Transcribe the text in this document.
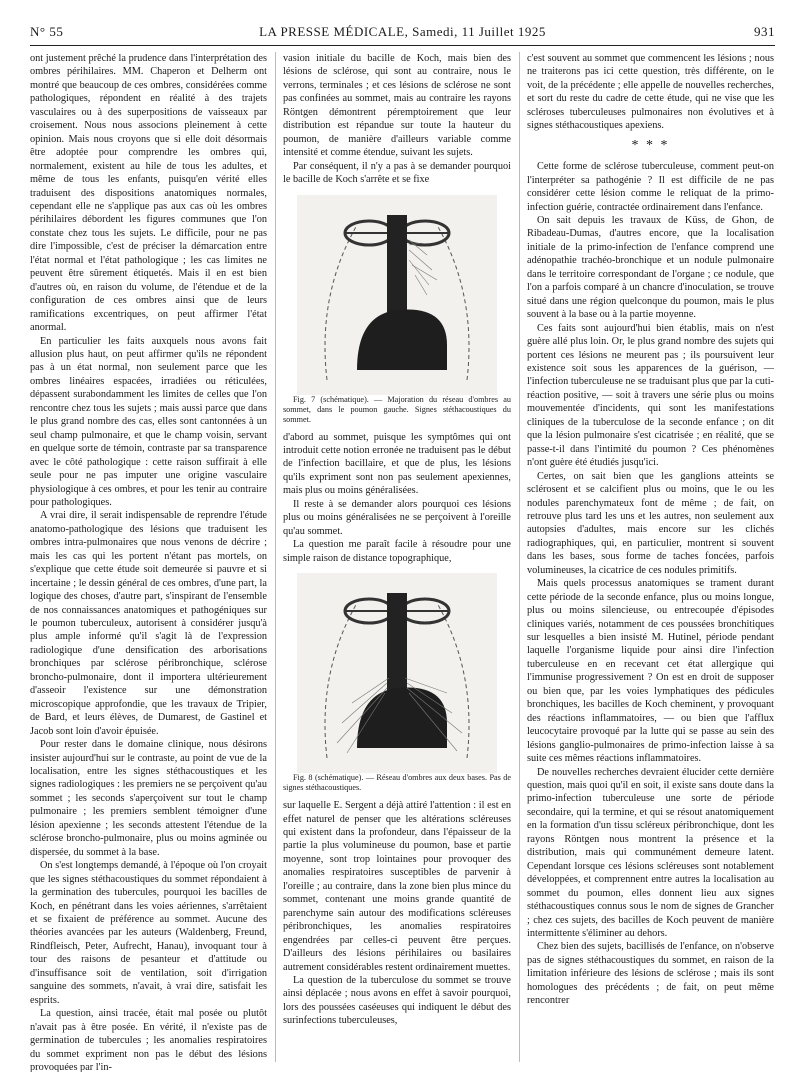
N° 55	LA PRESSE MÉDICALE, Samedi, 11 Juillet 1925	931

ont justement prêché la prudence dans l'interprétation des ombres périhilaires. MM. Chaperon et Delherm ont montré que beaucoup de ces ombres, considérées comme pathologiques, répondent en réalité à des trajets vasculaires ou à des superpositions de vaisseaux par croisement. Nous nous associons pleinement à cette opinion. Mais nous croyons que si elle doit désormais être adoptée pour comprendre les ombres qui, normalement, existent au hile de tous les adultes, et même de tous les enfants, puisqu'en vérité elles traduisent des dispositions anatomiques normales, cependant elle ne s'applique pas aux cas où les ombres périhilaires débordent les figures communes que l'on constate chez tous les sujets. Le difficile, pour ne pas dire l'impossible, c'est de préciser la démarcation entre l'état normal et l'état pathologique ; les cas limites ne peuvent être sûrement étiquetés. Mais il en est bien d'autres où, en raison du volume, de l'étendue et de la configuration de ces ombres ainsi que de leurs ramifications excentriques, on peut affirmer l'état anormal.

En particulier les faits auxquels nous avons fait allusion plus haut, on peut affirmer qu'ils ne répondent pas à un état normal, non seulement parce que les ombres linéaires espacées, irradiées ou réticulées, dépassent surabondamment les limites de celles que l'on rencontre chez tous les sujets ; mais aussi parce que dans le plus grand nombre des cas, elles sont cantonnées à un seul champ pulmonaire, et que le champ voisin, servant en quelque sorte de témoin, contraste par sa transparence avec le côté pathologique : cette raison suffirait à elle seule pour ne pas imputer une origine vasculaire physiologique à ces ombres, et pour les tenir au contraire pour pathologiques.

A vrai dire, il serait indispensable de reprendre l'étude anatomo-pathologique des lésions que traduisent les ombres intra-pulmonaires que nous venons de décrire ; mais les cas qui les portent n'étant pas mortels, on s'explique que cette étude soit demeurée si pauvre et si incertaine ; le dessin général de ces ombres, d'une part, la logique des choses, d'autre part, s'inspirant de l'ensemble de nos connaissances anatomiques et pathogéniques sur le poumon tuberculeux, autorisent à considérer jusqu'à plus ample informé qu'il s'agit là de l'expression radiologique d'une densification des arborisations bronchiques par sclérose péribronchique, sclérose broncho-pulmonaire, dont il importera ultérieurement d'asseoir l'existence sur une démonstration microscopique approfondie, que les travaux de Tripier, de Bard, et leurs élèves, de Dumarest, de Gastinel et Jacob sont loin d'avoir épuisée.

Pour rester dans le domaine clinique, nous désirons insister aujourd'hui sur le contraste, au point de vue de la localisation, entre les signes stéthacoustiques et les signes radiologiques : les premiers ne se perçoivent qu'au sommet ; les seconds s'aperçoivent sur tout le champ pulmonaire ; les premiers semblent témoigner d'une lésion apexienne ; les seconds attestent l'étendue de la sclérose broncho-pulmonaire, plus ou moins agminée ou dispersée, du sommet à la base.

On s'est longtemps demandé, à l'époque où l'on croyait que les signes stéthacoustiques du sommet répondaient à la germination des tubercules, pourquoi les bacilles de Koch, en pénétrant dans les voies aériennes, s'arrêtaient et se fixaient de préférence au sommet. Aucune des théories avancées par les auteurs (Waldenberg, Freund, Rindfleisch, Peter, Aufrecht, Hanau), invoquant tour à tour des raisons de pesanteur et d'attitude ou d'insuffisance soit de ventilation, soit d'irrigation sanguine des sommets, n'avait, à vrai dire, satisfait les esprits.

La question, ainsi tracée, était mal posée ou plutôt n'avait pas à être posée. En vérité, il n'existe pas de germination de tubercules ; les anomalies respiratoires du sommet expriment non pas le début des lésions provoquées par l'in-

vasion initiale du bacille de Koch, mais bien des lésions de sclérose, qui sont au contraire, nous le verrons, terminales ; et ces lésions de sclérose ne sont pas confinées au sommet, mais au contraire les rayons Röntgen démontrent péremptoirement que leur distribution est répandue sur toute la hauteur du poumon, de manière d'ailleurs variable comme intensité et comme étendue, suivant les sujets.

Par conséquent, il n'y a pas à se demander pourquoi le bacille de Koch s'arrête et se fixe

Fig. 7 (schématique). — Majoration du réseau d'ombres au sommet, dans le poumon gauche. Signes stéthacoustiques du sommet.

d'abord au sommet, puisque les symptômes qui ont introduit cette notion erronée ne traduisent pas le début de l'infection bacillaire, et que de plus, les lésions qu'ils expriment sont non pas seulement apexiennes, mais plus ou moins généralisées.

Il reste à se demander alors pourquoi ces lésions plus ou moins généralisées ne se perçoivent à l'oreille qu'au sommet.

La question me paraît facile à résoudre pour une simple raison de distance topographique,

Fig. 8 (schématique). — Réseau d'ombres aux deux bases. Pas de signes stéthacoustiques.

sur laquelle E. Sergent a déjà attiré l'attention : il est en effet naturel de penser que les altérations scléreuses qui existent dans la profondeur, dans l'épaisseur de la partie la plus volumineuse du poumon, base et partie moyenne, sont trop lointaines pour provoquer des anomalies respiratoires susceptibles de parvenir à l'oreille ; au contraire, dans la zone bien plus mince du sommet, contenant une moins grande quantité de parenchyme sain autour des modifications scléreuses péribronchiques, les anomalies respiratoires engendrées par celles-ci peuvent être perçues. D'ailleurs des lésions périhilaires ou basilaires autrement considérables restent ordinairement muettes.

La question de la tuberculose du sommet se trouve ainsi déplacée ; nous avons en effet à savoir pourquoi, lors des poussées caséeuses qui indiquent le début des surinfections tuberculeuses,

c'est souvent au sommet que commencent les lésions ; nous ne traiterons pas ici cette question, très différente, on le voit, de la précédente ; elle appelle de nouvelles recherches, et sort du reste du cadre de cette étude, qui ne vise que les scléroses tuberculeuses pulmonaires non évolutives et à signes stéthacoustiques apexiens.

* * *

Cette forme de sclérose tuberculeuse, comment peut-on l'interpréter sa pathogénie ? Il est difficile de ne pas considérer cette lésion comme le reliquat de la primo-infection guérie, contractée ordinairement dans l'enfance.

On sait depuis les travaux de Küss, de Ghon, de Ribadeau-Dumas, d'autres encore, que la localisation initiale de la primo-infection de l'enfance comprend une adénopathie trachéo-bronchique et un nodule pulmonaire dans le territoire correspondant de l'organe ; ce nodule, que l'on a parfois comparé à un chancre d'inoculation, se trouve situé dans une région quelconque du poumon, mais le plus souvent à la base ou à la partie moyenne.

Ces faits sont aujourd'hui bien établis, mais on n'est guère allé plus loin. Or, le plus grand nombre des sujets qui portent ces lésions ne meurent pas ; ils poursuivent leur existence soit sous les apparences de la guérison, — l'infection tuberculeuse ne se traduisant plus que par la cuti-réaction positive, — soit à travers une série plus ou moins mouvementée d'incidents, qui sont les manifestations cliniques de la tuberculose de la seconde enfance ; on dit que la lésion pulmonaire s'est cicatrisée ; en réalité, que se passe-t-il dans l'intimité du poumon ? Ces phénomènes n'ont guère été étudiés jusqu'ici.

Certes, on sait bien que les ganglions atteints se sclérosent et se calcifient plus ou moins, que le ou les nodules parenchymateux font de même ; de fait, on retrouve plus tard les uns et les autres, non seulement aux autopsies d'adultes, mais encore sur les clichés radiographiques, qui, en particulier, montrent si souvent dans les bases, sous forme de taches foncées, parfois volumineuses, la cicatrice de ces nodules primitifs.

Mais quels processus anatomiques se trament durant cette période de la seconde enfance, plus ou moins longue, plus ou moins silencieuse, ou entrecoupée d'épisodes cliniques variés, notamment de ces poussées bronchitiques sur lesquelles a bien insisté M. Hutinel, période pendant laquelle l'organisme liquide pour ainsi dire l'infection tuberculeuse en en recevant cet état allergique qui l'immunise progressivement ? On est en droit de supposer ou bien que, par les voies lymphatiques des pédicules bronchiques, les bacilles de Koch cheminent, y provoquant des réactions inflammatoires, — ou bien que l'afflux leucocytaire provoqué par la lutte qui se passe au sein des lésions ganglio-pulmonaires de primo-infection laisse à sa suite ces mêmes réactions inflammatoires.

De nouvelles recherches devraient élucider cette dernière question, mais quoi qu'il en soit, il existe sans doute dans la primo-infection tuberculeuse une sorte de période secondaire, qui la termine, et qui se résout anatomiquement en la formation d'un tissu scléreux péribronchique, dont les rayons Röntgen nous montrent la présence et la distribution, mais qui communément demeure latent. Cependant lorsque ces lésions scléreuses sont notablement développées, et comprennent entre autres la localisation au sommet du poumon, elles donnent lieu aux signes stéthacoustiques connus sous le nom de signes de Grancher ; chez ces sujets, des bacilles de Koch peuvent de manière intermittente s'éliminer au dehors.

Chez bien des sujets, bacillisés de l'enfance, on n'observe pas de signes stéthacoustiques du sommet, en raison de la limitation inférieure des lésions de sclérose ; mais ils sont homologues des précédents ; de fait, on peut même rencontrer
